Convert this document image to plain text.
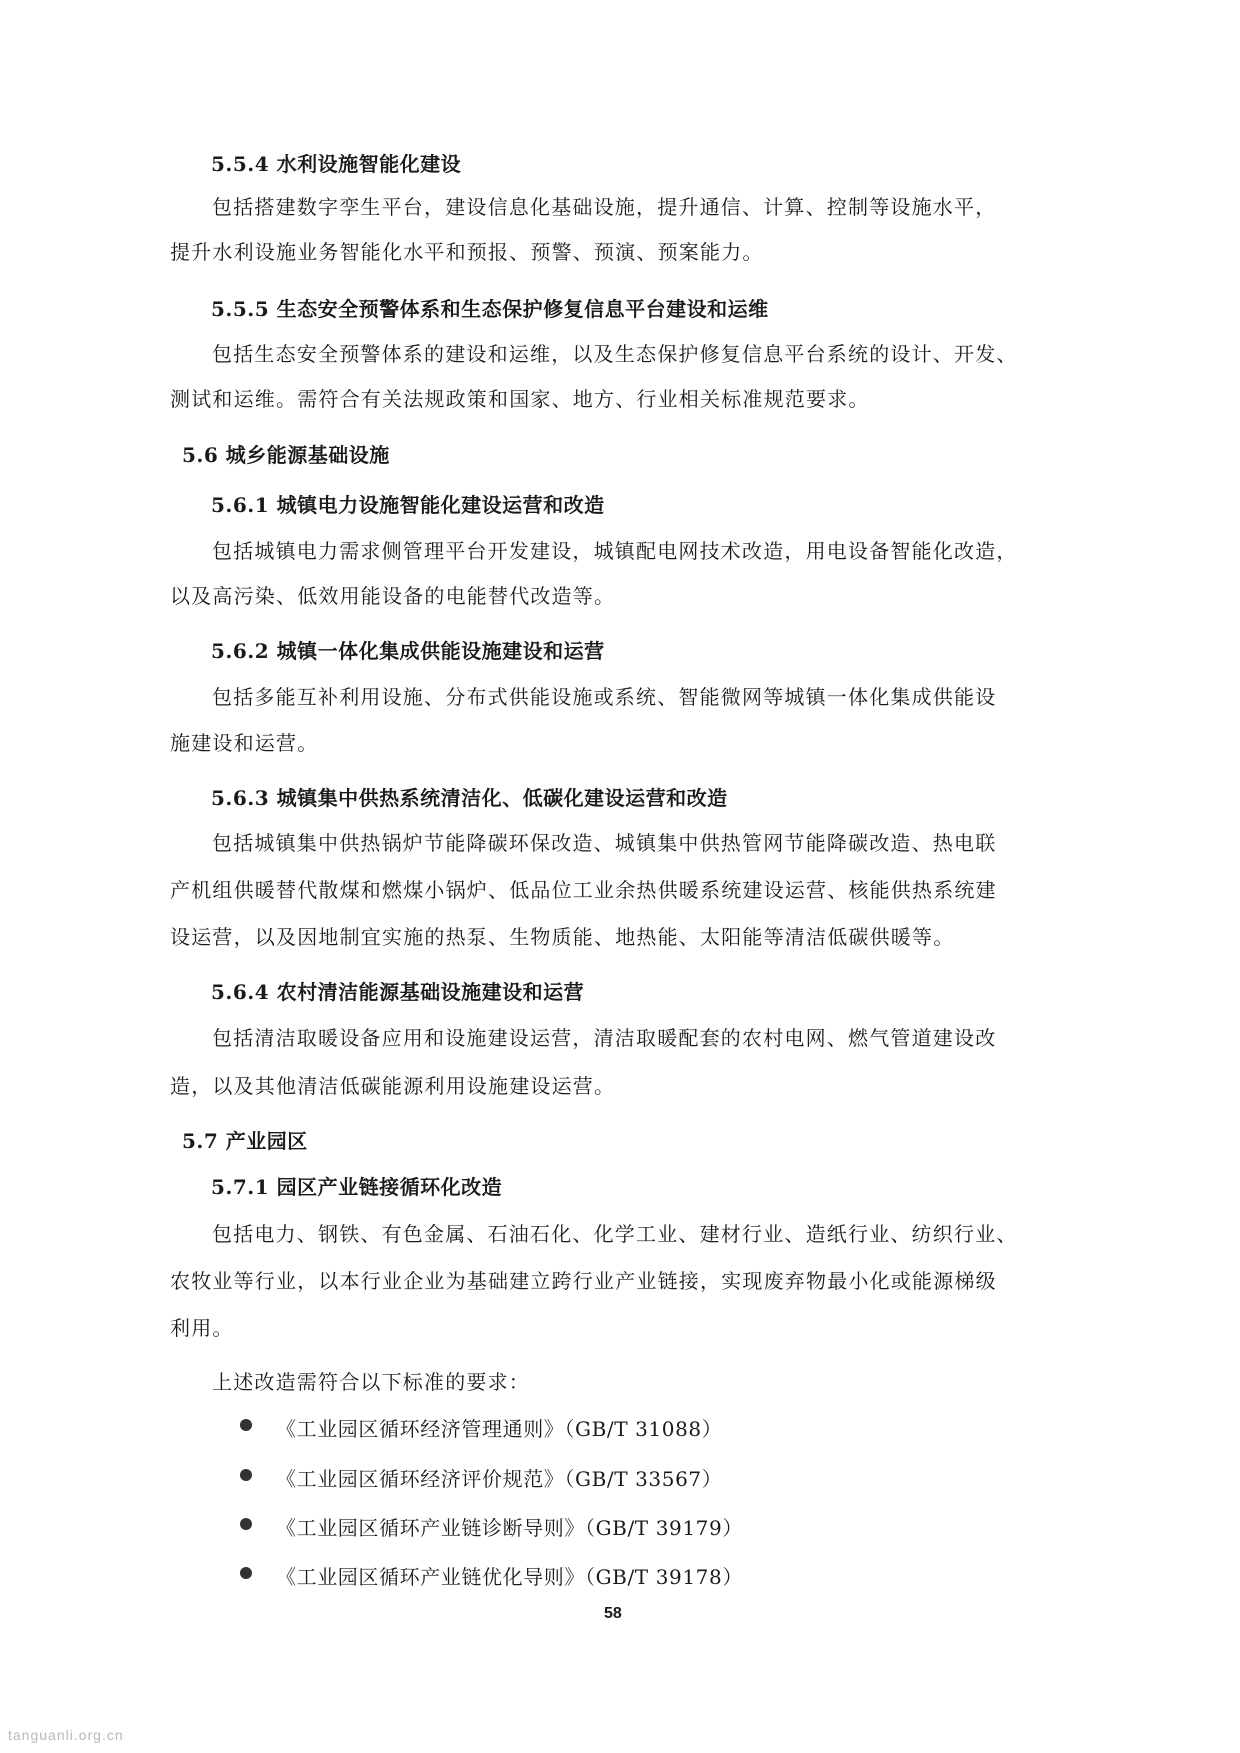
5.5.4 水利设施智能化建设
包括搭建数字孪生平台，建设信息化基础设施，提升通信、计算、控制等设施水平，
提升水利设施业务智能化水平和预报、预警、预演、预案能力。
5.5.5 生态安全预警体系和生态保护修复信息平台建设和运维
包括生态安全预警体系的建设和运维，以及生态保护修复信息平台系统的设计、开发、
测试和运维。需符合有关法规政策和国家、地方、行业相关标准规范要求。
5.6 城乡能源基础设施
5.6.1 城镇电力设施智能化建设运营和改造
包括城镇电力需求侧管理平台开发建设，城镇配电网技术改造，用电设备智能化改造，
以及高污染、低效用能设备的电能替代改造等。
5.6.2 城镇一体化集成供能设施建设和运营
包括多能互补利用设施、分布式供能设施或系统、智能微网等城镇一体化集成供能设
施建设和运营。
5.6.3 城镇集中供热系统清洁化、低碳化建设运营和改造
包括城镇集中供热锅炉节能降碳环保改造、城镇集中供热管网节能降碳改造、热电联
产机组供暖替代散煤和燃煤小锅炉、低品位工业余热供暖系统建设运营、核能供热系统建
设运营，以及因地制宜实施的热泵、生物质能、地热能、太阳能等清洁低碳供暖等。
5.6.4 农村清洁能源基础设施建设和运营
包括清洁取暖设备应用和设施建设运营，清洁取暖配套的农村电网、燃气管道建设改
造，以及其他清洁低碳能源利用设施建设运营。
5.7 产业园区
5.7.1 园区产业链接循环化改造
包括电力、钢铁、有色金属、石油石化、化学工业、建材行业、造纸行业、纺织行业、
农牧业等行业，以本行业企业为基础建立跨行业产业链接，实现废弃物最小化或能源梯级
利用。
上述改造需符合以下标准的要求：
《工业园区循环经济管理通则》（GB/T 31088）
《工业园区循环经济评价规范》（GB/T 33567）
《工业园区循环产业链诊断导则》（GB/T 39179）
《工业园区循环产业链优化导则》（GB/T 39178）
58
tanguanli.org.cn
